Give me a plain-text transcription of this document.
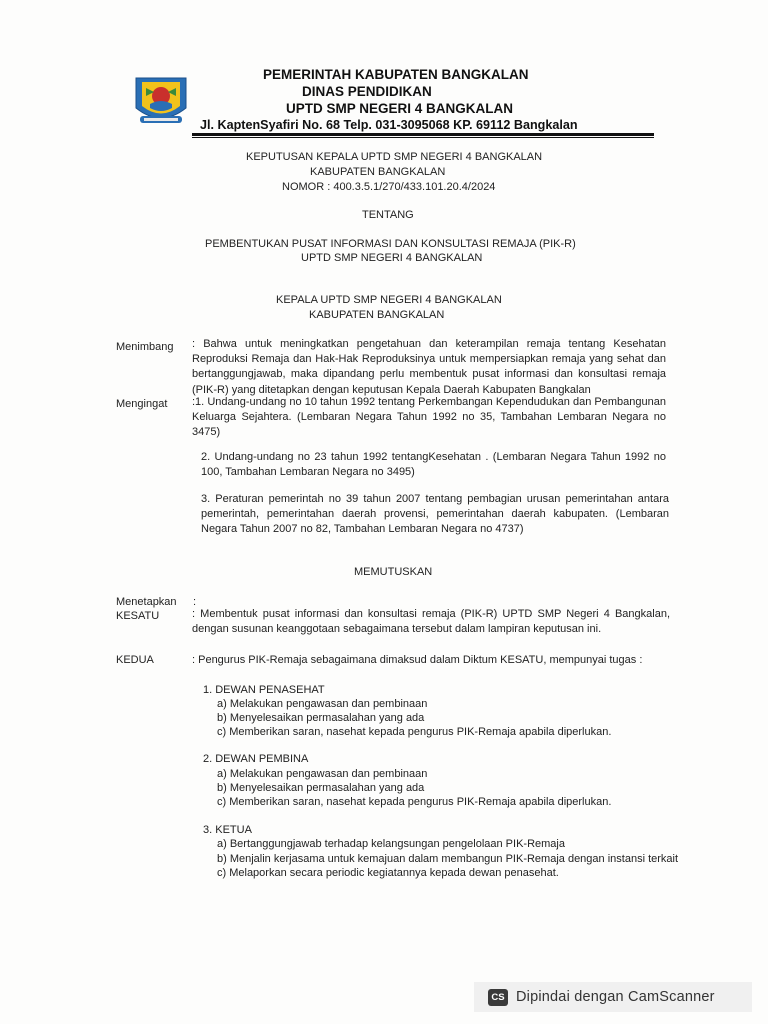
PEMERINTAH KABUPATEN BANGKALAN
DINAS PENDIDIKAN
UPTD SMP NEGERI 4 BANGKALAN
Jl. KaptenSyafiri No. 68 Telp. 031-3095068 KP. 69112 Bangkalan
KEPUTUSAN KEPALA UPTD SMP NEGERI 4 BANGKALAN
KABUPATEN BANGKALAN
NOMOR : 400.3.5.1/270/433.101.20.4/2024
TENTANG
PEMBENTUKAN PUSAT INFORMASI DAN KONSULTASI REMAJA (PIK-R)
UPTD SMP NEGERI 4 BANGKALAN
KEPALA UPTD SMP NEGERI 4 BANGKALAN
KABUPATEN BANGKALAN
Menimbang : Bahwa untuk meningkatkan pengetahuan dan keterampilan remaja tentang Kesehatan Reproduksi Remaja dan Hak-Hak Reproduksinya untuk mempersiapkan remaja yang sehat dan bertanggungjawab, maka dipandang perlu membentuk pusat informasi dan konsultasi remaja (PIK-R) yang ditetapkan dengan keputusan Kepala Daerah Kabupaten Bangkalan
Mengingat :1. Undang-undang no 10 tahun 1992 tentang Perkembangan Kependudukan dan Pembangunan Keluarga Sejahtera. (Lembaran Negara Tahun 1992 no 35, Tambahan Lembaran Negara no 3475)
2. Undang-undang no 23 tahun 1992 tentangKesehatan . (Lembaran Negara Tahun 1992 no 100, Tambahan Lembaran Negara no 3495)
3. Peraturan pemerintah no 39 tahun 2007 tentang pembagian urusan pemerintahan antara pemerintah, pemerintahan daerah provensi, pemerintahan daerah kabupaten. (Lembaran Negara Tahun 2007 no 82, Tambahan Lembaran Negara no 4737)
MEMUTUSKAN
Menetapkan :
KESATU	: Membentuk pusat informasi dan konsultasi remaja (PIK-R) UPTD SMP Negeri 4 Bangkalan, dengan susunan keanggotaan sebagaimana tersebut dalam lampiran keputusan ini.
KEDUA	: Pengurus PIK-Remaja sebagaimana dimaksud dalam Diktum KESATU, mempunyai tugas :
1. DEWAN PENASEHAT
a) Melakukan pengawasan dan pembinaan
b) Menyelesaikan permasalahan yang ada
c) Memberikan saran, nasehat kepada pengurus PIK-Remaja apabila diperlukan.
2. DEWAN PEMBINA
a) Melakukan pengawasan dan pembinaan
b) Menyelesaikan permasalahan yang ada
c) Memberikan saran, nasehat kepada pengurus PIK-Remaja apabila diperlukan.
3. KETUA
a) Bertanggungjawab terhadap kelangsungan pengelolaan PIK-Remaja
b) Menjalin kerjasama untuk kemajuan dalam membangun PIK-Remaja dengan instansi terkait
c) Melaporkan secara periodic kegiatannya kepada dewan penasehat.
CS Dipindai dengan CamScanner
